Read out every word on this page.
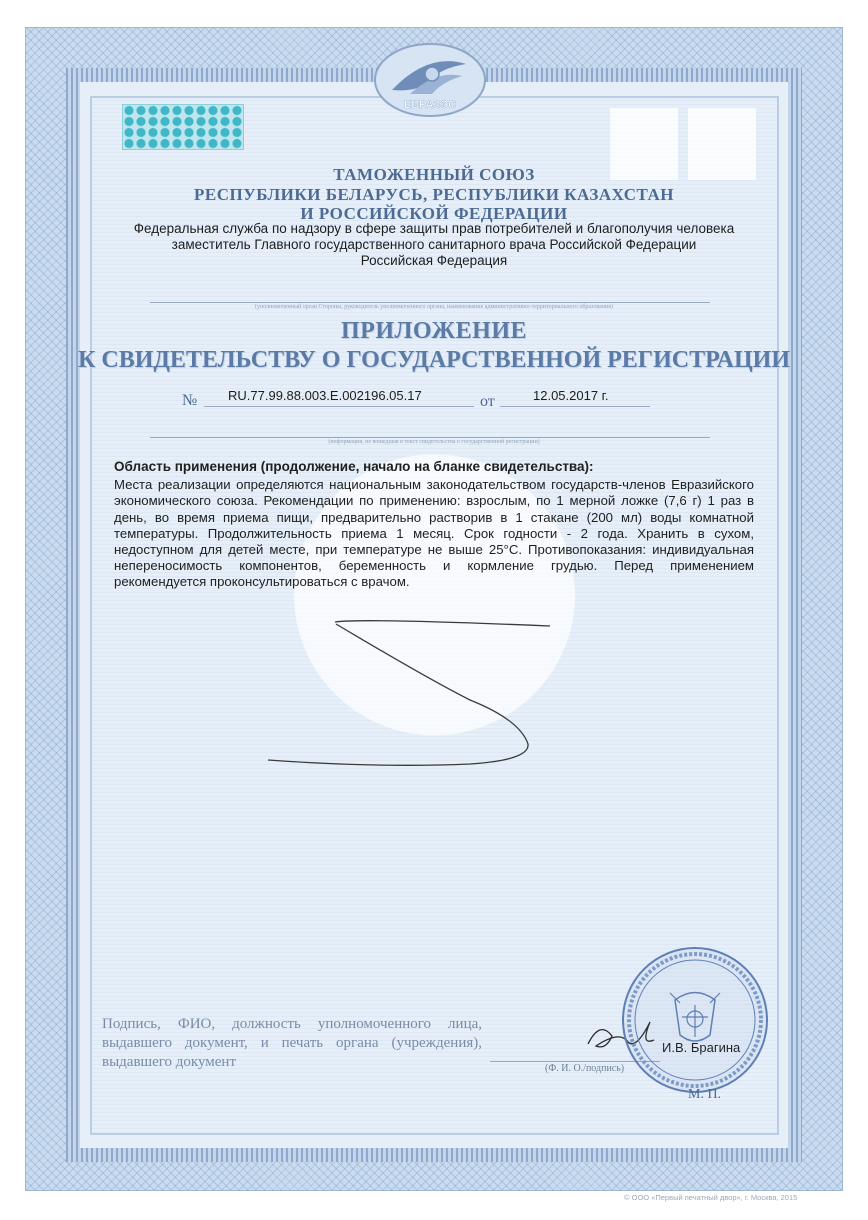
ЕВРАЗЭС
ТАМОЖЕННЫЙ СОЮЗ
РЕСПУБЛИКИ БЕЛАРУСЬ, РЕСПУБЛИКИ КАЗАХСТАН
И РОССИЙСКОЙ ФЕДЕРАЦИИ
Федеральная служба по надзору в сфере защиты прав потребителей и благополучия человека
заместитель Главного государственного санитарного врача Российской Федерации
Российская Федерация
(уполномоченный орган Стороны, руководитель уполномоченного органа, наименование административно-территориального образования)
ПРИЛОЖЕНИЕ
К СВИДЕТЕЛЬСТВУ О ГОСУДАРСТВЕННОЙ РЕГИСТРАЦИИ
№ RU.77.99.88.003.E.002196.05.17	от	12.05.2017 г.
(информация, не вошедшая в текст свидетельства о государственной регистрации)
Область применения (продолжение, начало на бланке свидетельства):

Места реализации определяются национальным законодательством государств-членов Евразийского экономического союза. Рекомендации по применению: взрослым, по 1 мерной ложке (7,6 г) 1 раз в день, во время приема пищи, предварительно растворив в 1 стакане (200 мл) воды комнатной температуры. Продолжительность приема 1 месяц. Срок годности - 2 года. Хранить в сухом, недоступном для детей месте, при температуре не выше 25°С. Противопоказания: индивидуальная непереносимость компонентов, беременность и кормление грудью. Перед применением рекомендуется проконсультироваться с врачом.

Подпись, ФИО, должность уполномоченного лица, выдавшего документ, и печать органа (учреждения), выдавшего документ	(Ф. И. О./подпись)
М. П.
© ООО «Первый печатный двор», г. Москва, 2015
